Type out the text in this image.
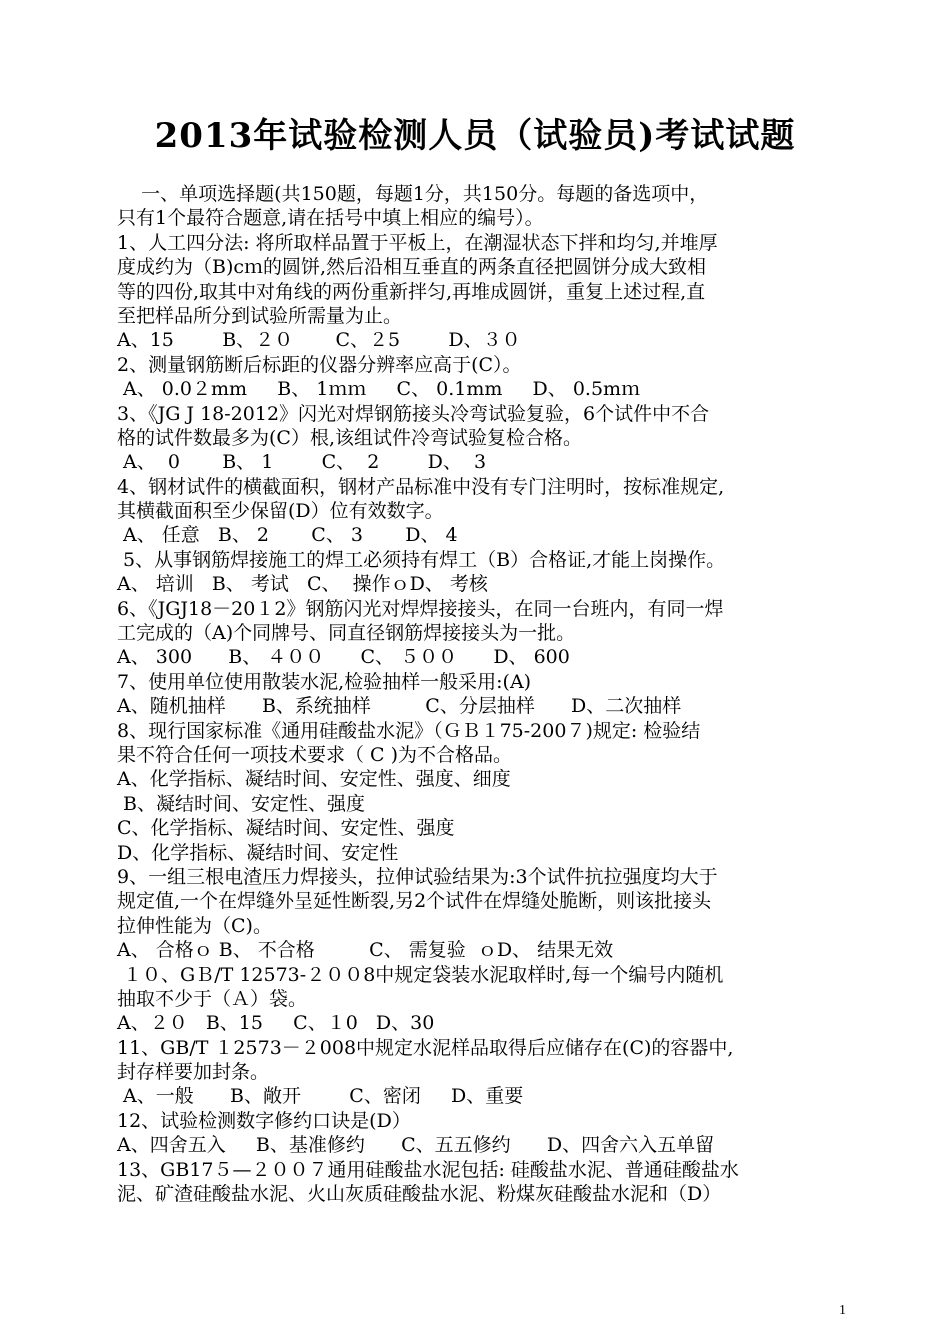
2013年试验检测人员（试验员)考试试题
一、单项选择题(共150题，每题1分，共150分。每题的备选项中，
只有1个最符合题意,请在括号中填上相应的编号）。
1、人工四分法: 将所取样品置于平板上，在潮湿状态下拌和均匀,并堆厚
度成约为（B)cｍ的圆饼,然后沿相互垂直的两条直径把圆饼分成大致相
等的四份,取其中对角线的两份重新拌匀,再堆成圆饼，重复上述过程,直
至把样品所分到试验所需量为止。
A、15        B、２０       C、２5        D、３０
2、测量钢筋断后标距的仪器分辨率应高于(C）。
A、 0.0２mm     B、 1ｍｍ     C、 0.1mm     D、 0.5mｍ
3、《JG J 18-2012》闪光对焊钢筋接头冷弯试验复验，6个试件中不合
格的试件数最多为(C）根,该组试件冷弯试验复检合格。
A、  0       B、 1        C、  2        D、  3
4、钢材试件的横截面积，钢材产品标准中没有专门注明时，按标准规定,
其横截面积至少保留(D）位有效数字。
A、 任意   B、 2       C、 3       D、 4
5、从事钢筋焊接施工的焊工必须持有焊工（B）合格证,才能上岗操作。
A、 培训   B、 考试   C、  操作ｏD、 考核
6、《JGJ18－20１2》钢筋闪光对焊焊接接头，在同一台班内，有同一焊
工完成的（A)个同牌号、同直径钢筋焊接接头为一批。
A、 300      B、 ４００      C、 ５００      D、 600
7、使用单位使用散装水泥,检验抽样一般采用:(A)
A、随机抽样      B、系统抽样         C、分层抽样      D、二次抽样
8、现行国家标准《通用硅酸盐水泥》（ＧＢ１75-200７)规定: 检验结
果不符合任何一项技术要求（ C )为不合格品。
A、化学指标、凝结时间、安定性、强度、细度
B、凝结时间、安定性、强度
C、化学指标、凝结时间、安定性、强度
D、化学指标、凝结时间、安定性
9、一组三根电渣压力焊接头，拉伸试验结果为:3个试件抗拉强度均大于
规定值,一个在焊缝外呈延性断裂,另2个试件在焊缝处脆断，则该批接头
拉伸性能为（C)。
A、 合格ｏ B、 不合格         C、 需复验  ｏD、 结果无效
１０、GＢ/T 12573-２００8中规定袋装水泥取样时,每一个编号内随机
抽取不少于（Ａ）袋。
A、２０   B、15     C、１0   D、30
11、GB/T １2573－２008中规定水泥样品取得后应储存在(C)的容器中,
封存样要加封条。
A、一般      B、敞开        C、密闭     D、重要
12、试验检测数字修约口诀是(D）
A、四舍五入     B、基准修约      C、五五修约      D、四舍六入五单留
13、GB17５—２００７通用硅酸盐水泥包括: 硅酸盐水泥、普通硅酸盐水
泥、矿渣硅酸盐水泥、火山灰质硅酸盐水泥、粉煤灰硅酸盐水泥和（D）
1
